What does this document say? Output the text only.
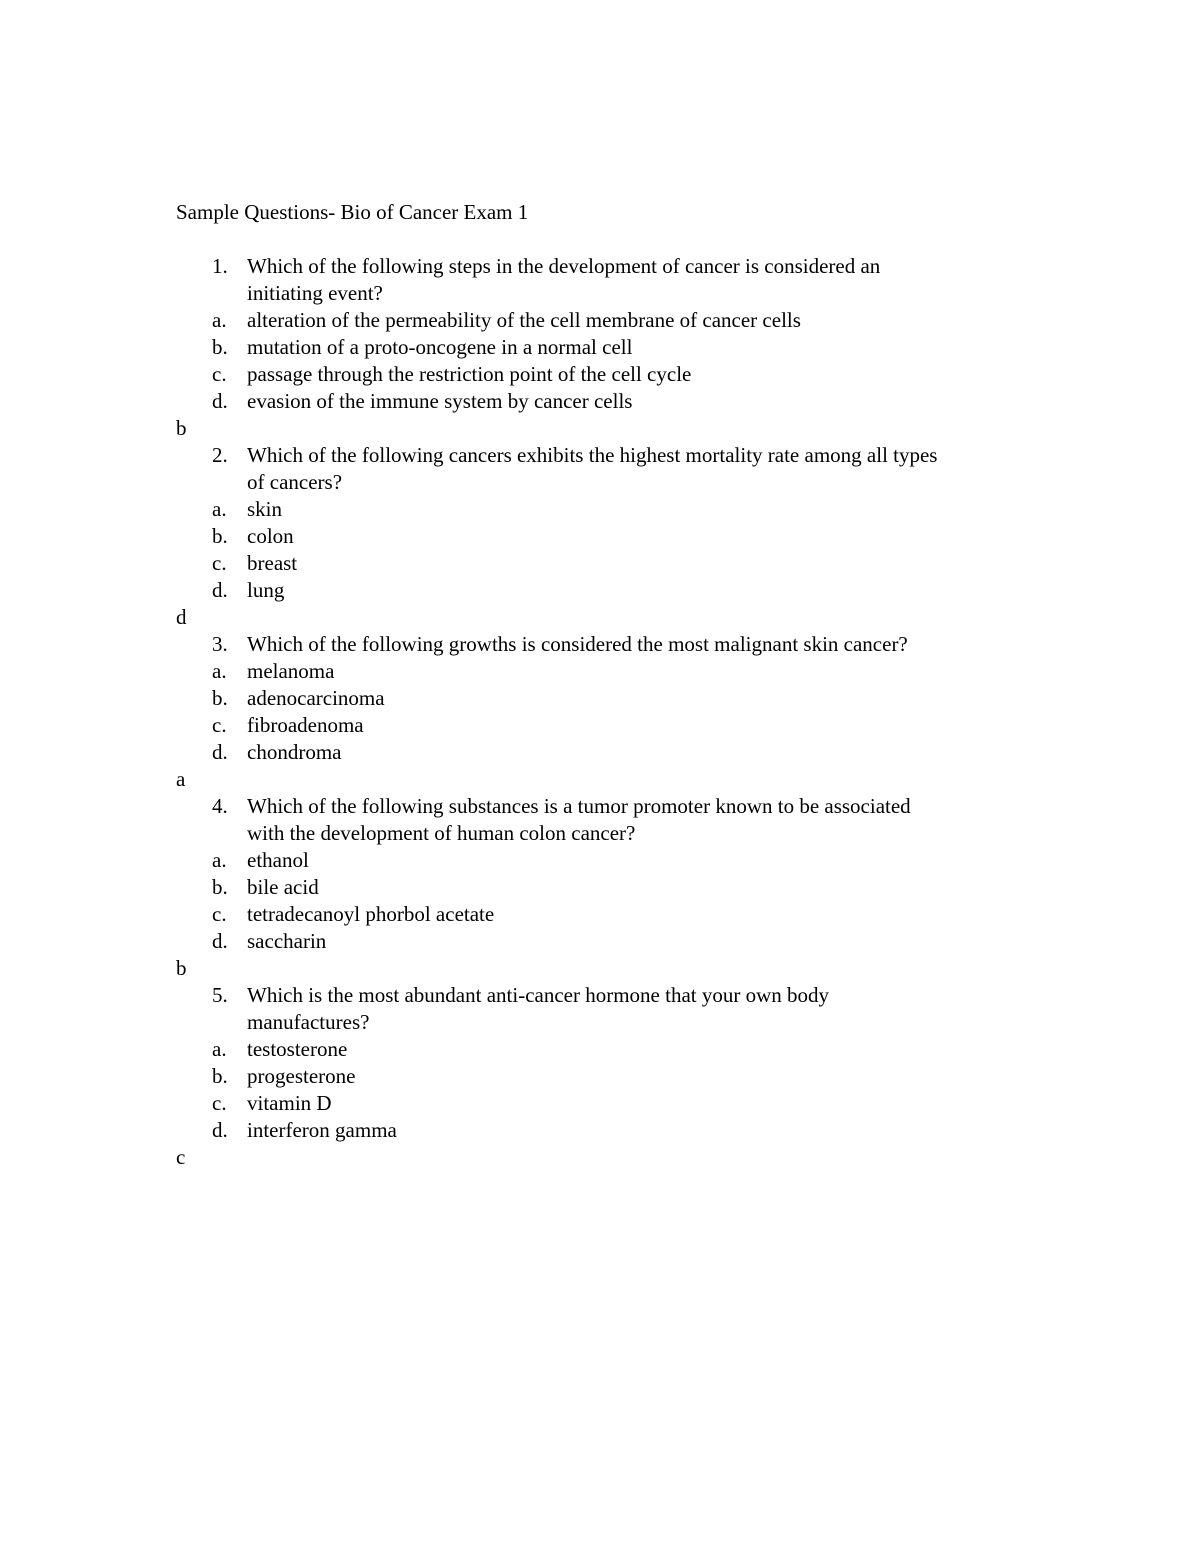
Sample Questions- Bio of Cancer Exam 1
1. Which of the following steps in the development of cancer is considered an
initiating event?
a. alteration of the permeability of the cell membrane of cancer cells
b. mutation of a proto-oncogene in a normal cell
c. passage through the restriction point of the cell cycle
d. evasion of the immune system by cancer cells
b
2. Which of the following cancers exhibits the highest mortality rate among all types
of cancers?
a. skin
b. colon
c. breast
d. lung
d
3. Which of the following growths is considered the most malignant skin cancer?
a. melanoma
b. adenocarcinoma
c. fibroadenoma
d. chondroma
a
4. Which of the following substances is a tumor promoter known to be associated
with the development of human colon cancer?
a. ethanol
b. bile acid
c. tetradecanoyl phorbol acetate
d. saccharin
b
5. Which is the most abundant anti-cancer hormone that your own body
manufactures?
a. testosterone
b. progesterone
c. vitamin D
d. interferon gamma
c
